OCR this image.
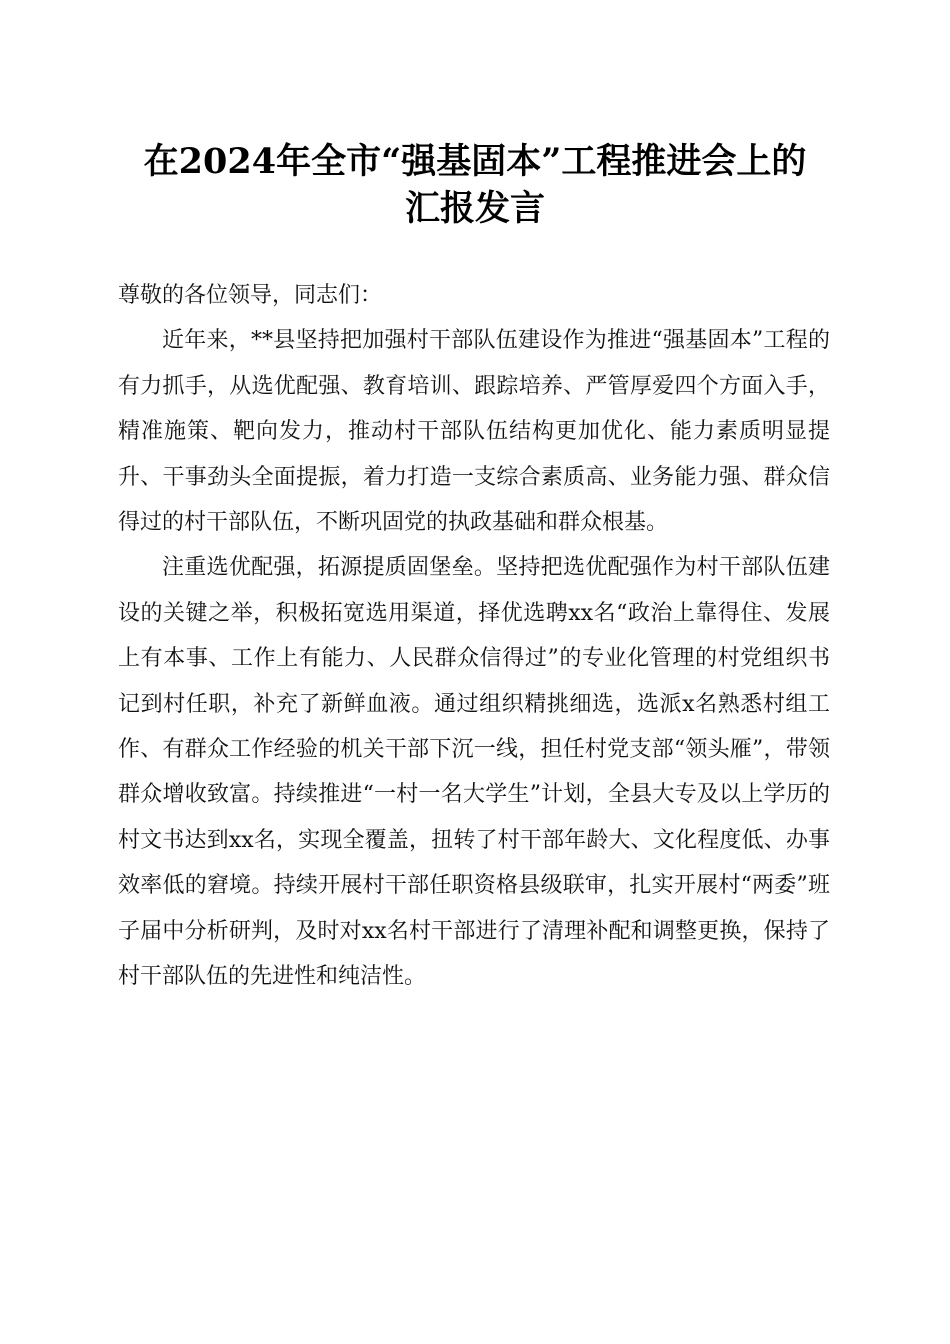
在2024年全市“强基固本”工程推进会上的
汇报发言

尊敬的各位领导，同志们：

近年来，**县坚持把加强村干部队伍建设作为推进“强基固本”工程的有力抓手，从选优配强、教育培训、跟踪培养、严管厚爱四个方面入手，精准施策、靶向发力，推动村干部队伍结构更加优化、能力素质明显提升、干事劲头全面提振，着力打造一支综合素质高、业务能力强、群众信得过的村干部队伍，不断巩固党的执政基础和群众根基。

注重选优配强，拓源提质固堡垒。坚持把选优配强作为村干部队伍建设的关键之举，积极拓宽选用渠道，择优选聘xx名“政治上靠得住、发展上有本事、工作上有能力、人民群众信得过”的专业化管理的村党组织书记到村任职，补充了新鲜血液。通过组织精挑细选，选派x名熟悉村组工作、有群众工作经验的机关干部下沉一线，担任村党支部“领头雁”，带领群众增收致富。持续推进“一村一名大学生”计划，全县大专及以上学历的村文书达到xx名，实现全覆盖，扭转了村干部年龄大、文化程度低、办事效率低的窘境。持续开展村干部任职资格县级联审，扎实开展村“两委”班子届中分析研判，及时对xx名村干部进行了清理补配和调整更换，保持了村干部队伍的先进性和纯洁性。
